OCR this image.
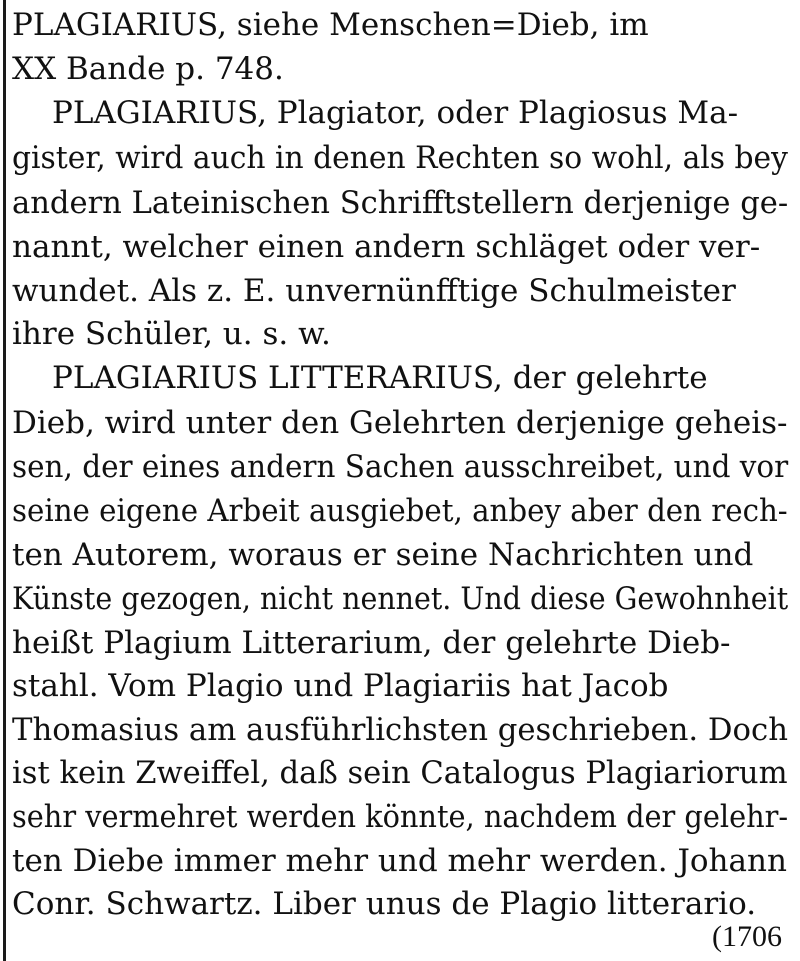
PLAGIARIUS, siehe Menschen=Dieb, im
XX Bande p. 748.
PLAGIARIUS, Plagiator, oder Plagiosus Ma-
gister, wird auch in denen Rechten so wohl, als bey
andern Lateinischen Schrifftstellern derjenige ge-
nannt, welcher einen andern schläget oder ver-
wundet. Als z. E. unvernünfftige Schulmeister
ihre Schüler, u. s. w.
PLAGIARIUS LITTERARIUS, der gelehrte
Dieb, wird unter den Gelehrten derjenige geheis-
sen, der eines andern Sachen ausschreibet, und vor
seine eigene Arbeit ausgiebet, anbey aber den rech-
ten Autorem, woraus er seine Nachrichten und
Künste gezogen, nicht nennet. Und diese Gewohnheit
heißt Plagium Litterarium, der gelehrte Dieb-
stahl. Vom Plagio und Plagiariis hat Jacob
Thomasius am ausführlichsten geschrieben. Doch
ist kein Zweiffel, daß sein Catalogus Plagiariorum
sehr vermehret werden könnte, nachdem der gelehr-
ten Diebe immer mehr und mehr werden. Johann
Conr. Schwartz. Liber unus de Plagio litterario.
(1706
